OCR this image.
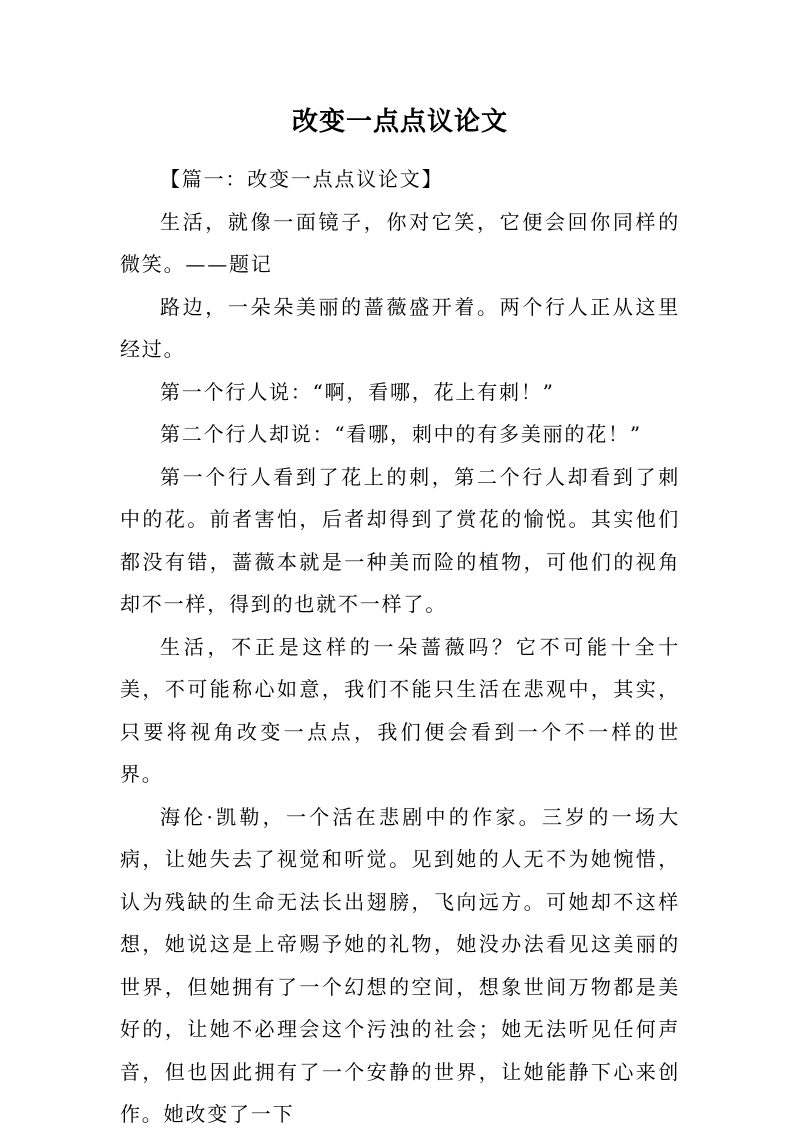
改变一点点议论文

【篇一：改变一点点议论文】

生活，就像一面镜子，你对它笑，它便会回你同样的微笑。——题记

路边，一朵朵美丽的蔷薇盛开着。两个行人正从这里经过。

第一个行人说：“啊，看哪，花上有刺！”

第二个行人却说：“看哪，刺中的有多美丽的花！”

第一个行人看到了花上的刺，第二个行人却看到了刺中的花。前者害怕，后者却得到了赏花的愉悦。其实他们都没有错，蔷薇本就是一种美而险的植物，可他们的视角却不一样，得到的也就不一样了。

生活，不正是这样的一朵蔷薇吗？它不可能十全十美，不可能称心如意，我们不能只生活在悲观中，其实，只要将视角改变一点点，我们便会看到一个不一样的世界。

海伦·凯勒，一个活在悲剧中的作家。三岁的一场大病，让她失去了视觉和听觉。见到她的人无不为她惋惜，认为残缺的生命无法长出翅膀，飞向远方。可她却不这样想，她说这是上帝赐予她的礼物，她没办法看见这美丽的世界，但她拥有了一个幻想的空间，想象世间万物都是美好的，让她不必理会这个污浊的社会；她无法听见任何声音，但也因此拥有了一个安静的世界，让她能静下心来创作。她改变了一下
